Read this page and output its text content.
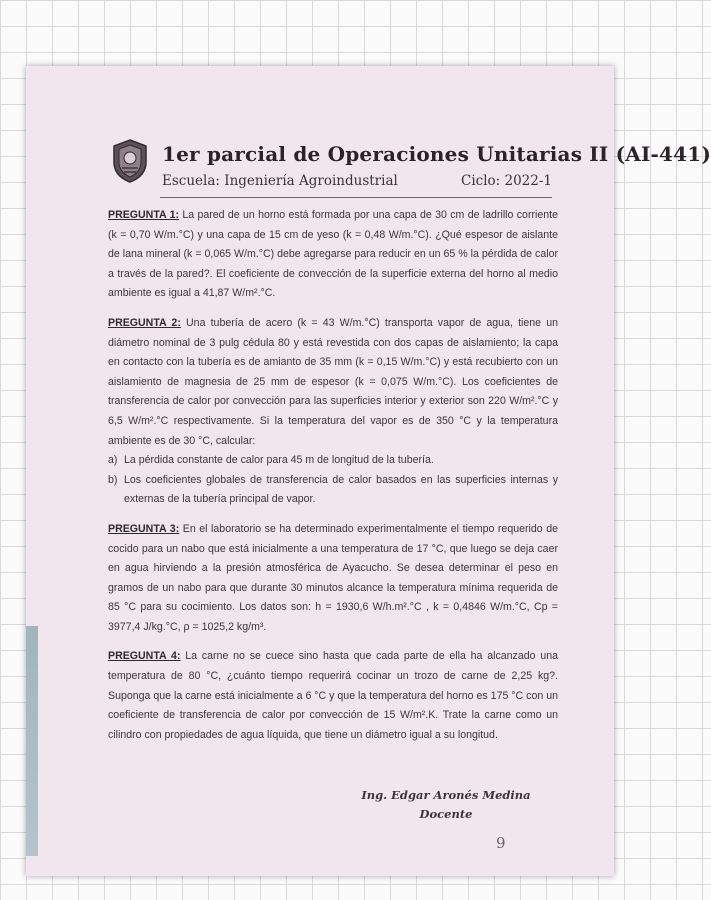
1er parcial de Operaciones Unitarias II (AI-441)
Escuela: Ingeniería Agroindustrial	Ciclo: 2022-1

PREGUNTA 1: La pared de un horno está formada por una capa de 30 cm de ladrillo corriente (k = 0,70 W/m.°C) y una capa de 15 cm de yeso (k = 0,48 W/m.°C). ¿Qué espesor de aislante de lana mineral (k = 0,065 W/m.°C) debe agregarse para reducir en un 65 % la pérdida de calor a través de la pared?. El coeficiente de convección de la superficie externa del horno al medio ambiente es igual a 41,87 W/m².°C.

PREGUNTA 2: Una tubería de acero (k = 43 W/m.°C) transporta vapor de agua, tiene un diámetro nominal de 3 pulg cédula 80 y está revestida con dos capas de aislamiento; la capa en contacto con la tubería es de amianto de 35 mm (k = 0,15 W/m.°C) y está recubierto con un aislamiento de magnesia de 25 mm de espesor (k = 0,075 W/m.°C). Los coeficientes de transferencia de calor por convección para las superficies interior y exterior son 220 W/m².°C y 6,5 W/m².°C respectivamente. Si la temperatura del vapor es de 350 °C y la temperatura ambiente es de 30 °C, calcular:
a) La pérdida constante de calor para 45 m de longitud de la tubería.
b) Los coeficientes globales de transferencia de calor basados en las superficies internas y externas de la tubería principal de vapor.

PREGUNTA 3: En el laboratorio se ha determinado experimentalmente el tiempo requerido de cocido para un nabo que está inicialmente a una temperatura de 17 °C, que luego se deja caer en agua hirviendo a la presión atmosférica de Ayacucho. Se desea determinar el peso en gramos de un nabo para que durante 30 minutos alcance la temperatura mínima requerida de 85 °C para su cocimiento. Los datos son: h = 1930,6 W/h.m².°C , k = 0,4846 W/m.°C, Cp = 3977,4 J/kg.°C, ρ = 1025,2 kg/m³.

PREGUNTA 4: La carne no se cuece sino hasta que cada parte de ella ha alcanzado una temperatura de 80 °C, ¿cuánto tiempo requerirá cocinar un trozo de carne de 2,25 kg?. Suponga que la carne está inicialmente a 6 °C y que la temperatura del horno es 175 °C con un coeficiente de transferencia de calor por convección de 15 W/m².K. Trate la carne como un cilindro con propiedades de agua líquida, que tiene un diámetro igual a su longitud.

Ing. Edgar Aronés Medina
Docente
9
